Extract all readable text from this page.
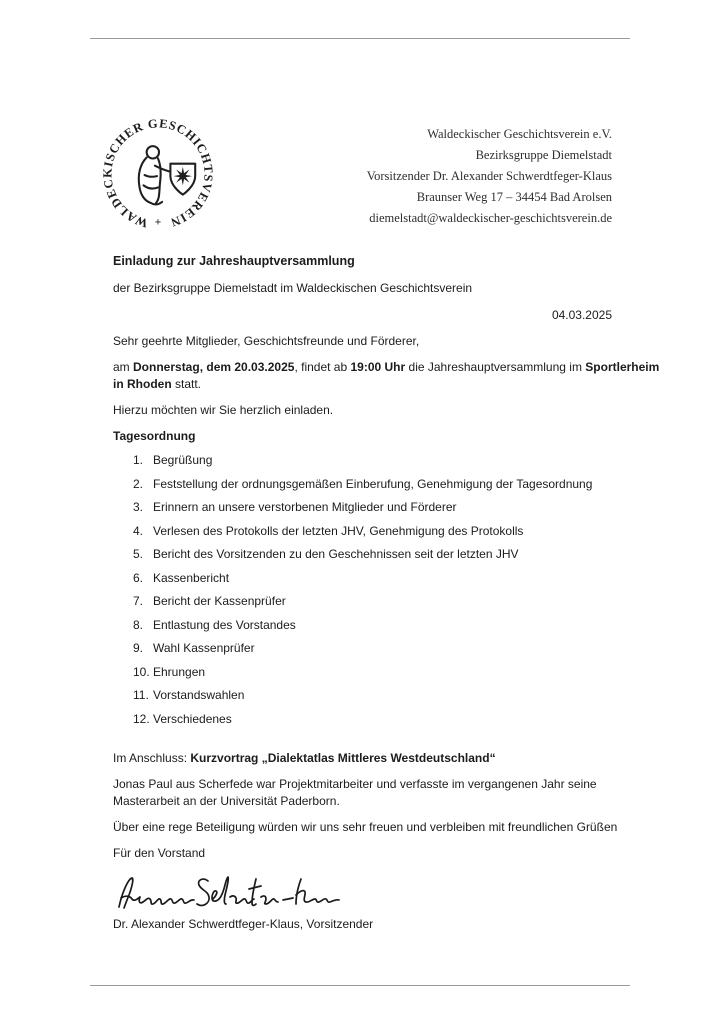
WALDECKISCHER GESCHICHTSVEREIN
+
Waldeckischer Geschichtsverein e.V.
Bezirksgruppe Diemelstadt
Vorsitzender Dr. Alexander Schwerdtfeger-Klaus
Braunser Weg 17 – 34454 Bad Arolsen
diemelstadt@waldeckischer-geschichtsverein.de
Einladung zur Jahreshauptversammlung
der Bezirksgruppe Diemelstadt im Waldeckischen Geschichtsverein
04.03.2025

Sehr geehrte Mitglieder, Geschichtsfreunde und Förderer,

am Donnerstag, dem 20.03.2025, findet ab 19:00 Uhr die Jahreshauptversammlung im Sportlerheim
in Rhoden statt.

Hierzu möchten wir Sie herzlich einladen.

Tagesordnung
1. Begrüßung
2. Feststellung der ordnungsgemäßen Einberufung, Genehmigung der Tagesordnung
3. Erinnern an unsere verstorbenen Mitglieder und Förderer
4. Verlesen des Protokolls der letzten JHV, Genehmigung des Protokolls
5. Bericht des Vorsitzenden zu den Geschehnissen seit der letzten JHV
6. Kassenbericht
7. Bericht der Kassenprüfer
8. Entlastung des Vorstandes
9. Wahl Kassenprüfer
10. Ehrungen
11. Vorstandswahlen
12. Verschiedenes

Im Anschluss: Kurzvortrag „Dialektatlas Mittleres Westdeutschland“

Jonas Paul aus Scherfede war Projektmitarbeiter und verfasste im vergangenen Jahr seine
Masterarbeit an der Universität Paderborn.

Über eine rege Beteiligung würden wir uns sehr freuen und verbleiben mit freundlichen Grüßen

Für den Vorstand

Dr. Alexander Schwerdtfeger-Klaus, Vorsitzender
